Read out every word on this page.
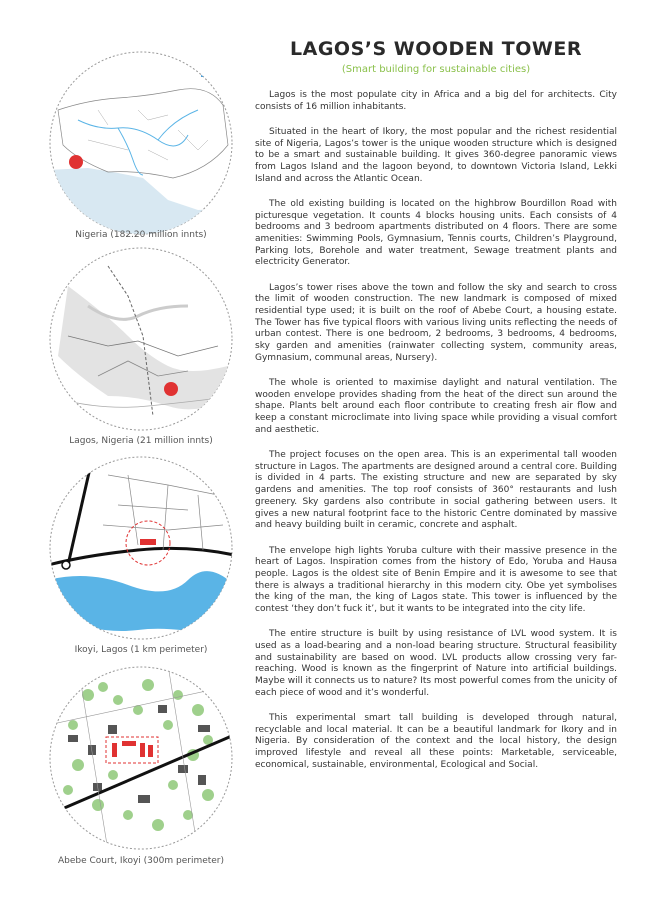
LAGOS’S WOODEN TOWER
(Smart building for sustainable cities)
Nigeria (182.20 million innts)
Lagos, Nigeria (21 million innts)
Ikoyi, Lagos (1 km perimeter)
Abebe Court, Ikoyi (300m perimeter)

Lagos is the most populate city in Africa and a big del for architects. City consists of 16 million inhabitants.

Situated in the heart of Ikory, the most popular and the richest residential site of Nigeria, Lagos’s tower is the unique wooden structure which is designed to be a smart and sustainable building. It gives 360-degree panoramic views from Lagos Island and the lagoon beyond, to downtown Victoria Island, Lekki Island and across the Atlantic Ocean.

The old existing building is located on the highbrow Bourdillon Road with picturesque vegetation. It counts 4 blocks housing units. Each consists of 4 bedrooms and 3 bedroom apartments distributed on 4 floors. There are some amenities: Swimming Pools, Gymnasium, Tennis courts, Children’s Playground, Parking lots, Borehole and water treatment, Sewage treatment plants and electricity Generator.

Lagos’s tower rises above the town and follow the sky and search to cross the limit of wooden construction. The new landmark is composed of mixed residential type used; it is built on the roof of Abebe Court, a housing estate. The Tower has five typical floors with various living units reflecting the needs of urban contest. There is one bedroom, 2 bedrooms, 3 bedrooms, 4 bedrooms, sky garden and amenities (rainwater collecting system, community areas, Gymnasium, communal areas, Nursery).

The whole is oriented to maximise daylight and natural ventilation. The wooden envelope provides shading from the heat of the direct sun around the shape. Plants belt around each floor contribute to creating fresh air flow and keep a constant microclimate into living space while providing a visual comfort and aesthetic.

The project focuses on the open area. This is an experimental tall wooden structure in Lagos. The apartments are designed around a central core. Building is divided in 4 parts. The existing structure and new are separated by sky gardens and amenities. The top roof consists of 360° restaurants and lush greenery. Sky gardens also contribute in social gathering between users. It gives a new natural footprint face to the historic Centre dominated by massive and heavy building built in ceramic, concrete and asphalt.

The envelope high lights Yoruba culture with their massive presence in the heart of Lagos. Inspiration comes from the history of Edo, Yoruba and Hausa people. Lagos is the oldest site of Benin Empire and it is awesome to see that there is always a traditional hierarchy in this modern city. Obe yet symbolises the king of the man, the king of Lagos state. This tower is influenced by the contest ‘they don’t fuck it’, but it wants to be integrated into the city life.

The entire structure is built by using resistance of LVL wood system. It is used as a load-bearing and a non-load bearing structure. Structural feasibility and sustainability are based on wood. LVL products allow crossing very far-reaching. Wood is known as the fingerprint of Nature into artificial buildings. Maybe will it connects us to nature? Its most powerful comes from the unicity of each piece of wood and it’s wonderful.

This experimental smart tall building is developed through natural, recyclable and local material. It can be a beautiful landmark for Ikory and in Nigeria. By consideration of the context and the local history, the design improved lifestyle and reveal all these points: Marketable, serviceable, economical, sustainable, environmental, Ecological and Social.
